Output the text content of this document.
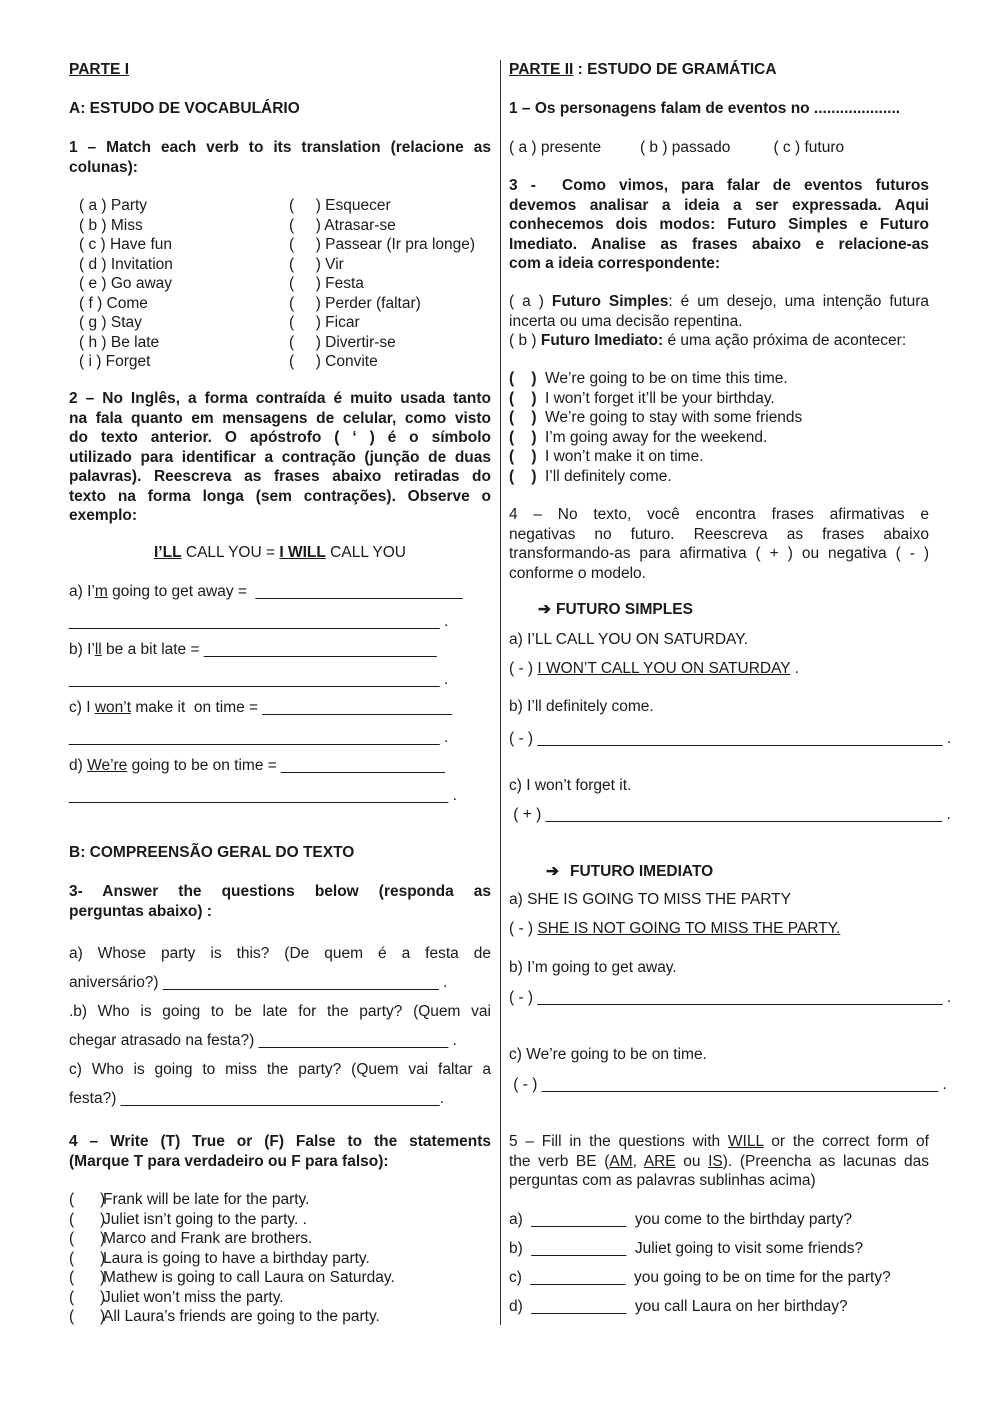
PARTE I
A: ESTUDO DE VOCABULÁRIO
1 – Match each verb to its translation (relacione as
colunas):
( a ) Party	(     ) Esquecer
( b ) Miss	(     ) Atrasar-se
( c ) Have fun	(     ) Passear (Ir pra longe)
( d ) Invitation	(     ) Vir
( e ) Go away	(     ) Festa
( f ) Come	(     ) Perder (faltar)
( g ) Stay	(     ) Ficar
( h ) Be late	(     ) Divertir-se
( i ) Forget	(     ) Convite
2 – No Inglês, a forma contraída é muito usada tanto
na fala quanto em mensagens de celular, como visto
do texto anterior. O apóstrofo ( ‘ ) é o símbolo
utilizado para identificar a contração (junção de duas
palavras). Reescreva as frases abaixo retiradas do
texto na forma longa (sem contrações). Observe o
exemplo:
I’LL CALL YOU = I WILL CALL YOU
a) I’m going to get away =  ________________________
___________________________________________ .
b) I’ll be a bit late = ___________________________
___________________________________________ .
c) I won’t make it  on time = ______________________
___________________________________________ .
d) We’re going to be on time = ___________________
____________________________________________ .
B: COMPREENSÃO GERAL DO TEXTO
3- Answer the questions below (responda as
perguntas abaixo) :
a) Whose party is this? (De quem é a festa de
aniversário?) ________________________________ .
.b) Who is going to be late for the party? (Quem vai
chegar atrasado na festa?) ______________________ .
c) Who is going to miss the party? (Quem vai faltar a
festa?) _____________________________________.
4 – Write (T) True or (F) False to the statements
(Marque T para verdadeiro ou F para falso):
(      )
Frank will be late for the party.
(      )
Juliet isn’t going to the party. .
(      )
Marco and Frank are brothers.
(      )
Laura is going to have a birthday party.
(      )
Mathew is going to call Laura on Saturday.
(      )
Juliet won’t miss the party.
(      )
All Laura’s friends are going to the party.
PARTE II : ESTUDO DE GRAMÁTICA
1 – Os personagens falam de eventos no ....................
( a ) presente         ( b ) passado          ( c ) futuro
3 -  Como vimos, para falar de eventos futuros
devemos analisar a ideia a ser expressada. Aqui
conhecemos dois modos: Futuro Simples e Futuro
Imediato. Analise as frases abaixo e relacione-as
com a ideia correspondente:
( a ) Futuro Simples: é um desejo, uma intenção futura
incerta ou uma decisão repentina.
( b ) Futuro Imediato: é uma ação próxima de acontecer:
(    ) We’re going to be on time this time.
(    ) I won’t forget it’ll be your birthday.
(    ) We’re going to stay with some friends
(    ) I’m going away for the weekend.
(    ) I won’t make it on time.
(    ) I’ll definitely come.
4 – No texto, você encontra frases afirmativas e
negativas no futuro. Reescreva as frases abaixo
transformando-as para afirmativa ( + ) ou negativa ( - )
conforme o modelo.
➔ FUTURO SIMPLES
a) I’LL CALL YOU ON SATURDAY.
( - ) I WON’T CALL YOU ON SATURDAY .
b) I’ll definitely come.
( - ) _______________________________________________ .
c) I won’t forget it.
( + ) ______________________________________________ .
➔ FUTURO IMEDIATO
a) SHE IS GOING TO MISS THE PARTY
( - ) SHE IS NOT GOING TO MISS THE PARTY.
b) I’m going to get away.
( - ) _______________________________________________ .
c) We’re going to be on time.
( - ) ______________________________________________ .
5 – Fill in the questions with WILL or the correct form of
the verb BE (AM, ARE ou IS). (Preencha as lacunas das
perguntas com as palavras sublinhas acima)
a)  ___________  you come to the birthday party?
b)  ___________  Juliet going to visit some friends?
c)  ___________  you going to be on time for the party?
d)  ___________  you call Laura on her birthday?
